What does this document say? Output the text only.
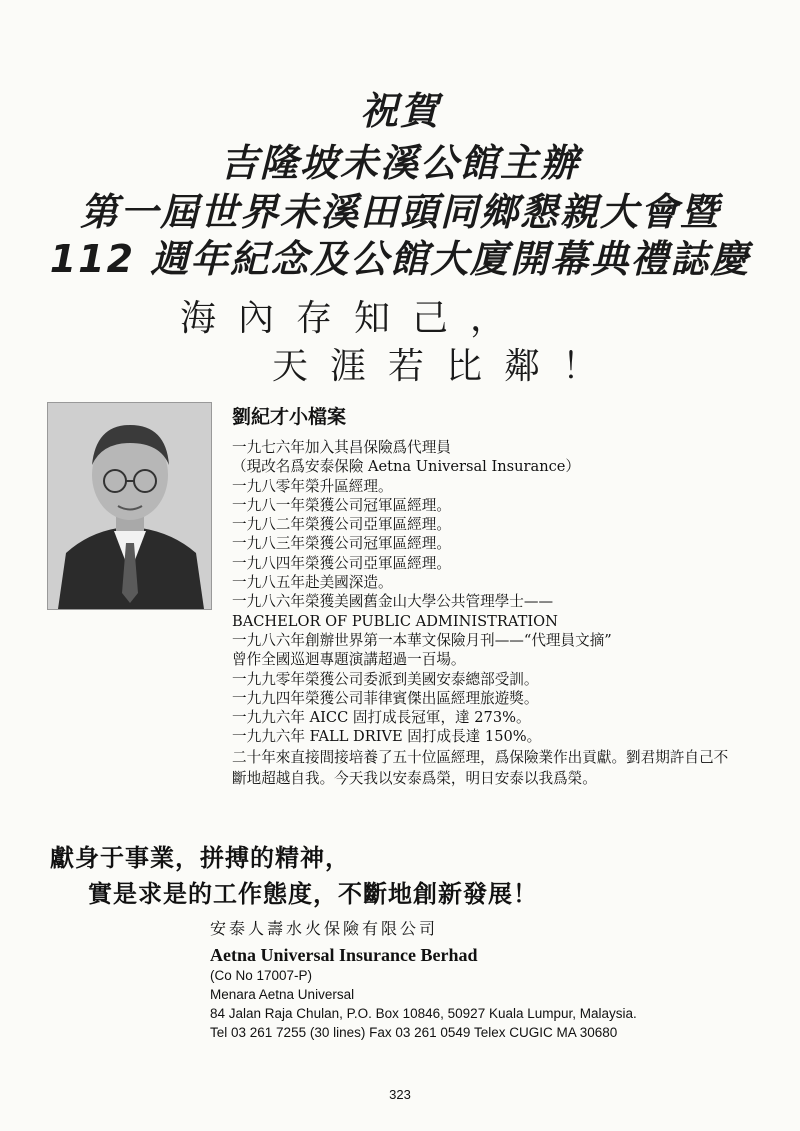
祝賀
吉隆坡未溪公館主辦
第一屆世界未溪田頭同鄉懇親大會暨
112 週年紀念及公館大廈開幕典禮誌慶
海內存知己，
天涯若比鄰！
劉紀才小檔案
一九七六年加入其昌保險爲代理員
（現改名爲安泰保險 Aetna Universal Insurance）
一九八零年榮升區經理。
一九八一年榮獲公司冠軍區經理。
一九八二年榮獲公司亞軍區經理。
一九八三年榮獲公司冠軍區經理。
一九八四年榮獲公司亞軍區經理。
一九八五年赴美國深造。
一九八六年榮獲美國舊金山大學公共管理學士——
BACHELOR OF PUBLIC ADMINISTRATION
一九八六年創辦世界第一本華文保險月刊——“代理員文摘”
曾作全國巡迴專題演講超過一百場。
一九九零年榮獲公司委派到美國安泰總部受訓。
一九九四年榮獲公司菲律賓傑出區經理旅遊獎。
一九九六年 AICC 固打成長冠軍，達 273%。
一九九六年 FALL DRIVE 固打成長達 150%。
二十年來直接間接培養了五十位區經理，爲保險業作出貢獻。劉君期許自己不斷地超越自我。今天我以安泰爲榮，明日安泰以我爲榮。
獻身于事業，拼搏的精神，
實是求是的工作態度，不斷地創新發展！
安泰人壽水火保險有限公司
Aetna Universal Insurance Berhad
(Co No 17007-P)
Menara Aetna Universal
84 Jalan Raja Chulan, P.O. Box 10846, 50927 Kuala Lumpur, Malaysia.
Tel 03 261 7255 (30 lines) Fax 03 261 0549 Telex CUGIC MA 30680
323
